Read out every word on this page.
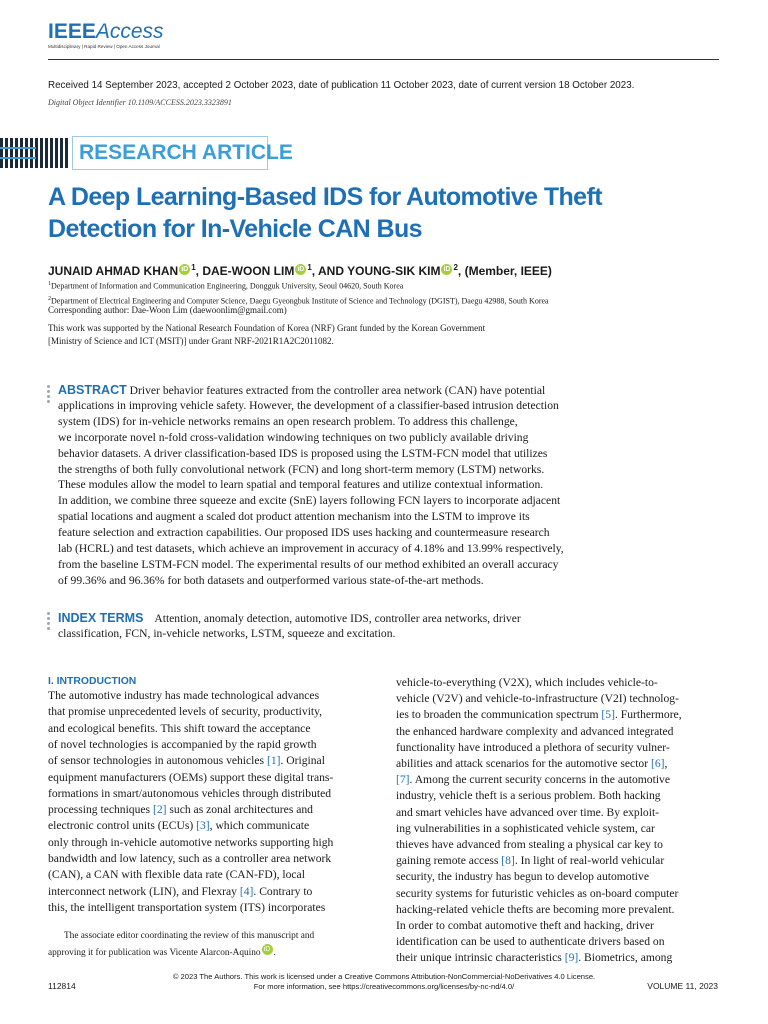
IEEEAccess
Multidisciplinary | Rapid Review | Open Access Journal
Received 14 September 2023, accepted 2 October 2023, date of publication 11 October 2023, date of current version 18 October 2023.
Digital Object Identifier 10.1109/ACCESS.2023.3323891
RESEARCH ARTICLE
A Deep Learning-Based IDS for Automotive Theft
Detection for In-Vehicle CAN Bus
JUNAID AHMAD KHAN iD $^1$, DAE-WOON LIM iD $^1$, AND YOUNG-SIK KIM iD $^2$, (Member, IEEE)
$^1$Department of Information and Communication Engineering, Dongguk University, Seoul 04620, South Korea
$^2$Department of Electrical Engineering and Computer Science, Daegu Gyeongbuk Institute of Science and Technology (DGIST), Daegu 42988, South Korea
Corresponding author: Dae-Woon Lim (daewoonlim@gmail.com)
This work was supported by the National Research Foundation of Korea (NRF) Grant funded by the Korean Government
[Ministry of Science and ICT (MSIT)] under Grant NRF-2021R1A2C2011082.
ABSTRACT Driver behavior features extracted from the controller area network (CAN) have potential
applications in improving vehicle safety. However, the development of a classifier-based intrusion detection
system (IDS) for in-vehicle networks remains an open research problem. To address this challenge,
we incorporate novel n-fold cross-validation windowing techniques on two publicly available driving
behavior datasets. A driver classification-based IDS is proposed using the LSTM-FCN model that utilizes
the strengths of both fully convolutional network (FCN) and long short-term memory (LSTM) networks.
These modules allow the model to learn spatial and temporal features and utilize contextual information.
In addition, we combine three squeeze and excite (SnE) layers following FCN layers to incorporate adjacent
spatial locations and augment a scaled dot product attention mechanism into the LSTM to improve its
feature selection and extraction capabilities. Our proposed IDS uses hacking and countermeasure research
lab (HCRL) and test datasets, which achieve an improvement in accuracy of 4.18% and 13.99% respectively,
from the baseline LSTM-FCN model. The experimental results of our method exhibited an overall accuracy
of 99.36% and 96.36% for both datasets and outperformed various state-of-the-art methods.
INDEX TERMS Attention, anomaly detection, automotive IDS, controller area networks, driver
classification, FCN, in-vehicle networks, LSTM, squeeze and excitation.
I. INTRODUCTION
The automotive industry has made technological advances
that promise unprecedented levels of security, productivity,
and ecological benefits. This shift toward the acceptance
of novel technologies is accompanied by the rapid growth
of sensor technologies in autonomous vehicles [1]. Original
equipment manufacturers (OEMs) support these digital trans-
formations in smart/autonomous vehicles through distributed
processing techniques [2] such as zonal architectures and
electronic control units (ECUs) [3], which communicate
only through in-vehicle automotive networks supporting high
bandwidth and low latency, such as a controller area network
(CAN), a CAN with flexible data rate (CAN-FD), local
interconnect network (LIN), and Flexray [4]. Contrary to
this, the intelligent transportation system (ITS) incorporates
vehicle-to-everything (V2X), which includes vehicle-to-
vehicle (V2V) and vehicle-to-infrastructure (V2I) technolog-
ies to broaden the communication spectrum [5]. Furthermore,
the enhanced hardware complexity and advanced integrated
functionality have introduced a plethora of security vulner-
abilities and attack scenarios for the automotive sector [6],
[7]. Among the current security concerns in the automotive
industry, vehicle theft is a serious problem. Both hacking
and smart vehicles have advanced over time. By exploit-
ing vulnerabilities in a sophisticated vehicle system, car
thieves have advanced from stealing a physical car key to
gaining remote access [8]. In light of real-world vehicular
security, the industry has begun to develop automotive
security systems for futuristic vehicles as on-board computer
hacking-related vehicle thefts are becoming more prevalent.
In order to combat automotive theft and hacking, driver
identification can be used to authenticate drivers based on
their unique intrinsic characteristics [9]. Biometrics, among
The associate editor coordinating the review of this manuscript and
approving it for publication was Vicente Alarcon-Aquino iD .
112814
© 2023 The Authors. This work is licensed under a Creative Commons Attribution-NonCommercial-NoDerivatives 4.0 License.
For more information, see https://creativecommons.org/licenses/by-nc-nd/4.0/	VOLUME 11, 2023
